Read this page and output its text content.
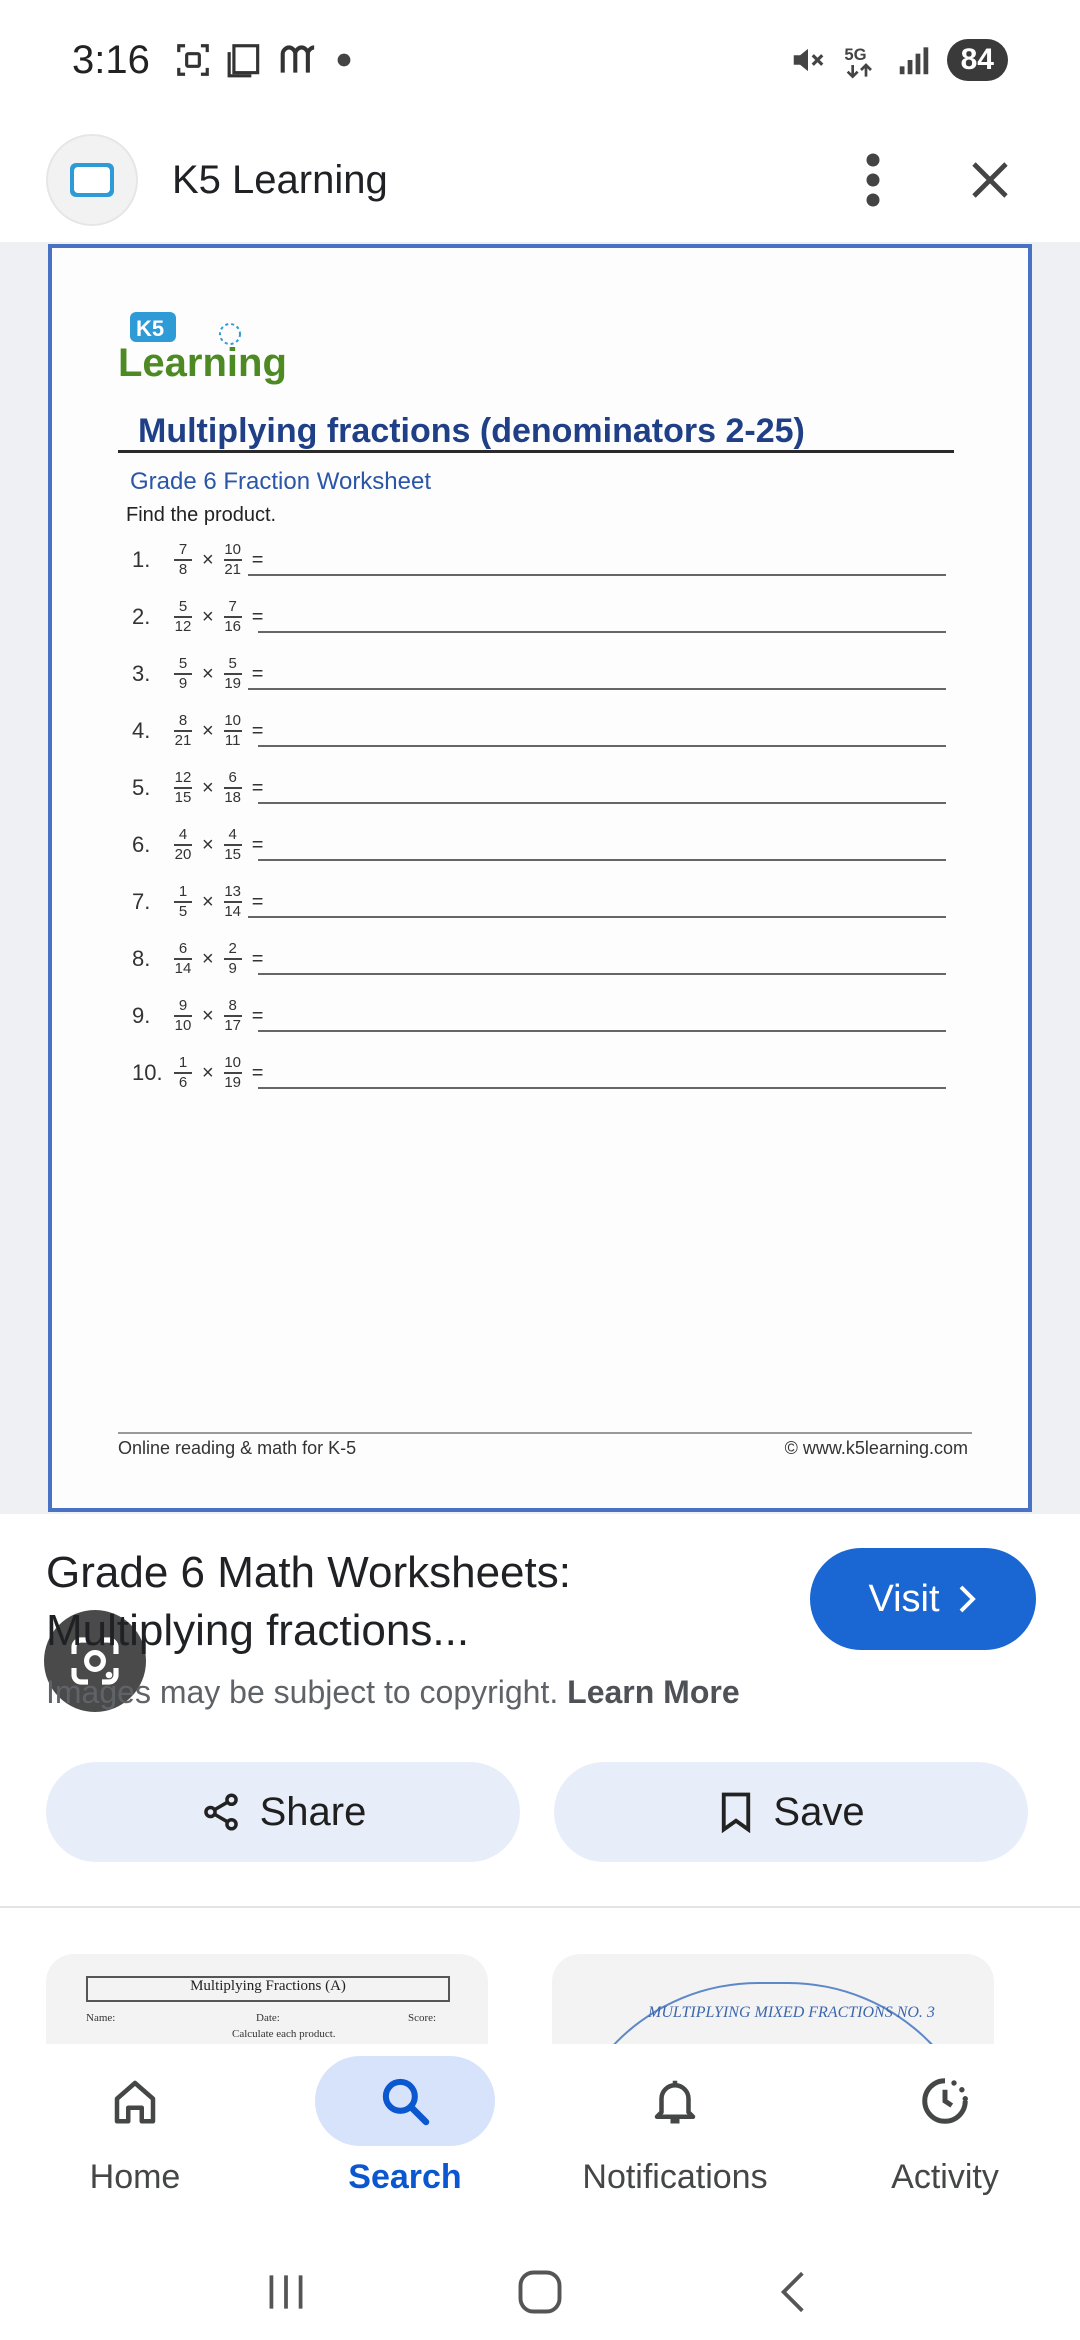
3:16	5G	84
K5 Learning
K5
Learning
Multiplying fractions (denominators 2-25)
Grade 6 Fraction Worksheet
Find the product.
1.	$\frac{7}{8} \times \frac{10}{21}$ =
2.	$\frac{5}{12} \times \frac{7}{16}$ =
3.	$\frac{5}{9} \times \frac{5}{19}$ =
4.	$\frac{8}{21} \times \frac{10}{11}$ =
5.	$\frac{12}{15} \times \frac{6}{18}$ =
6.	$\frac{4}{20} \times \frac{4}{15}$ =
7.	$\frac{1}{5} \times \frac{13}{14}$ =
8.	$\frac{6}{14} \times \frac{2}{9}$ =
9.	$\frac{9}{10} \times \frac{8}{17}$ =
10. $\frac{1}{6} \times \frac{10}{19}$ =
Online reading & math for K-5	© www.k5learning.com
Grade 6 Math Worksheets:
Multiplying fractions...
Visit
Images may be subject to copyright. Learn More
Share	Save
Multiplying Fractions (A)
Name:	Date:	Score:
Calculate each product.
MULTIPLYING MIXED FRACTIONS NO. 3
Home	Search	Notifications	Activity
